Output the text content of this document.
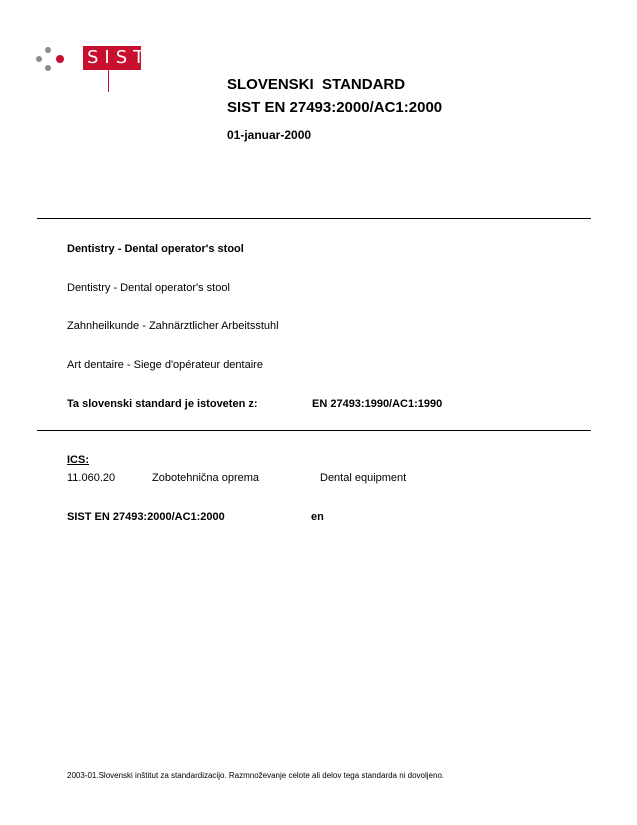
SIST
SLOVENSKI  STANDARD
SIST EN 27493:2000/AC1:2000
01-januar-2000
Dentistry - Dental operator's stool
Dentistry - Dental operator's stool
Zahnheilkunde - Zahnärztlicher Arbeitsstuhl
Art dentaire - Siege d'opérateur dentaire
Ta slovenski standard je istoveten z:	EN 27493:1990/AC1:1990
ICS:
11.060.20	Zobotehnična oprema	Dental equipment
SIST EN 27493:2000/AC1:2000	en
2003-01.Slovenski inštitut za standardizacijo. Razmnoževanje celote ali delov tega standarda ni dovoljeno.
